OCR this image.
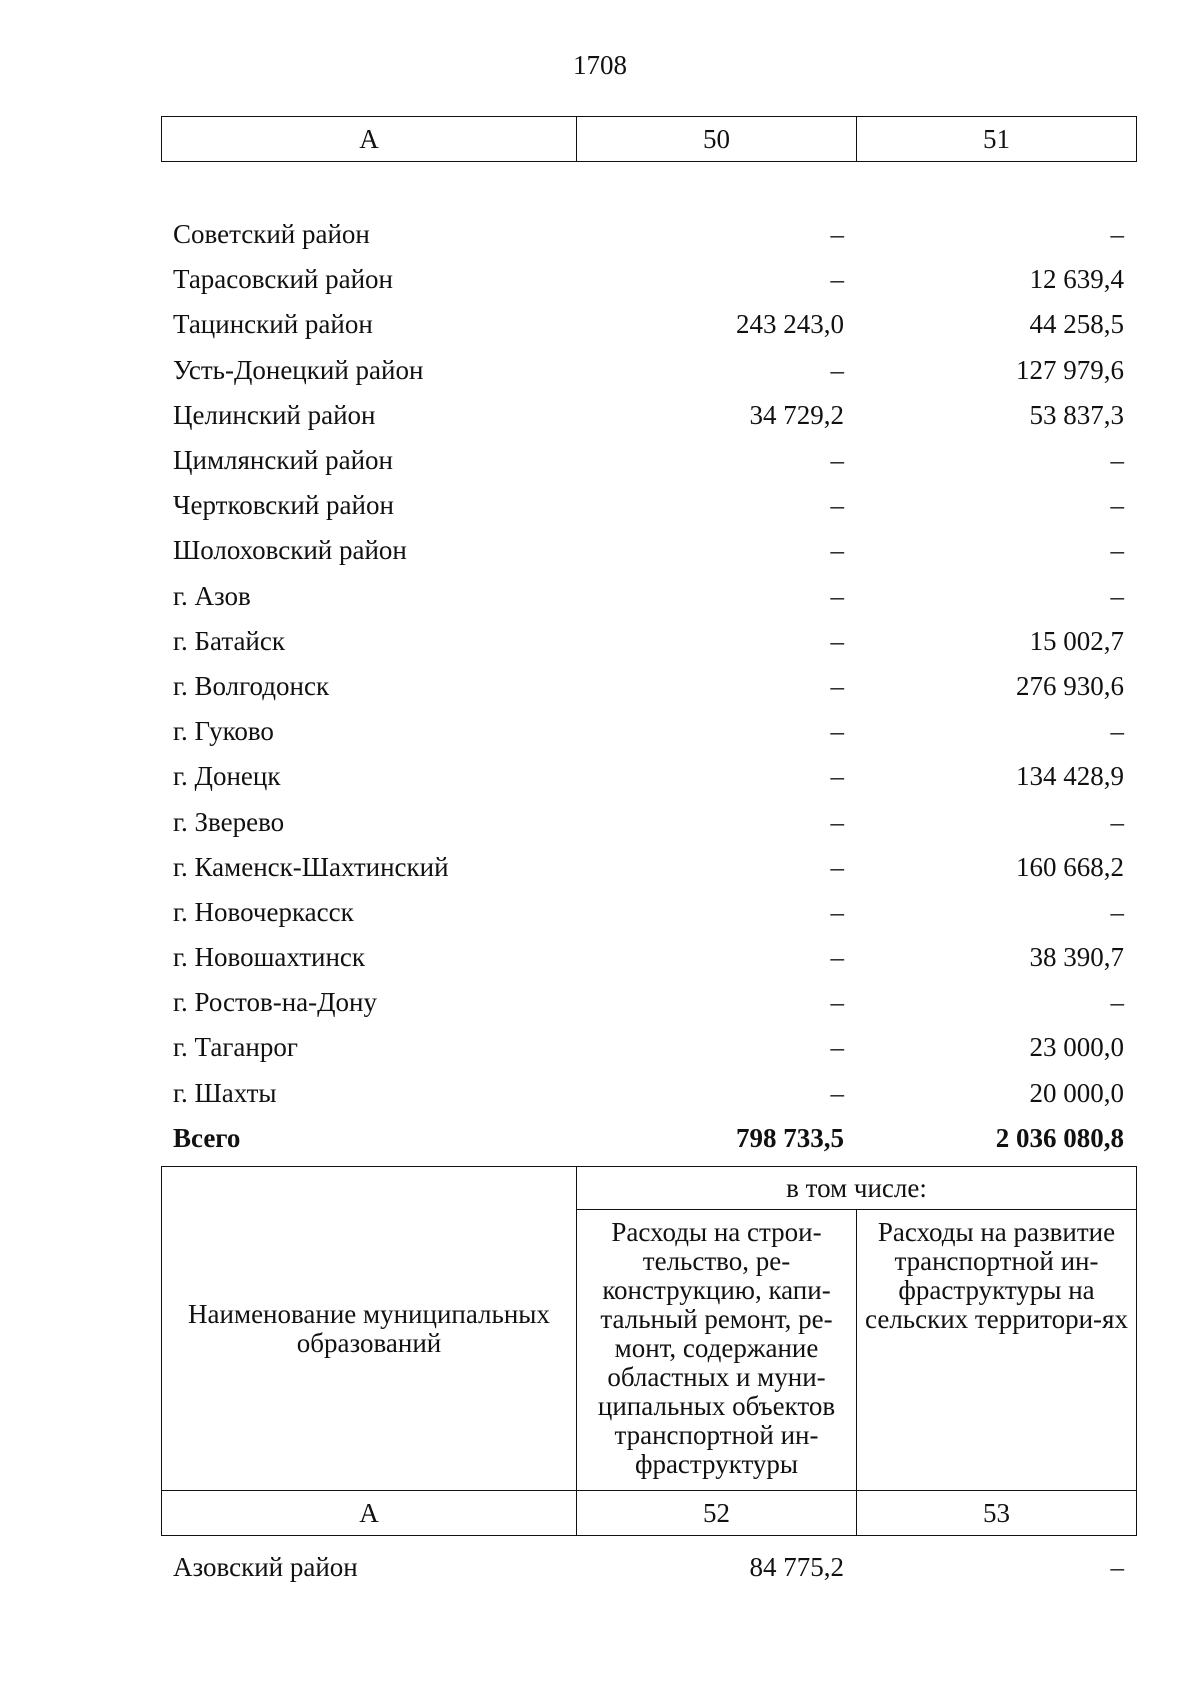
1708
А	50	51
Советский район	–	–
Тарасовский район	–	12 639,4
Тацинский район	243 243,0	44 258,5
Усть-Донецкий район	–	127 979,6
Целинский район	34 729,2	53 837,3
Цимлянский район	–	–
Чертковский район	–	–
Шолоховский район	–	–
г. Азов	–	–
г. Батайск	–	15 002,7
г. Волгодонск	–	276 930,6
г. Гуково	–	–
г. Донецк	–	134 428,9
г. Зверево	–	–
г. Каменск-Шахтинский	–	160 668,2
г. Новочеркасск	–	–
г. Новошахтинск	–	38 390,7
г. Ростов-на-Дону	–	–
г. Таганрог	–	23 000,0
г. Шахты	–	20 000,0
Всего	798 733,5	2 036 080,8
Наименование муниципальных образований	в том числе:	
	Расходы на строи-тельство, ре-конструкцию, капи-тальный ремонт, ре-монт, содержание областных и муни-ципальных объектов транспортной ин-фраструктуры	Расходы на развитие транспортной ин-фраструктуры на сельских территори-ях
А	52	53
Азовский район	84 775,2	–
